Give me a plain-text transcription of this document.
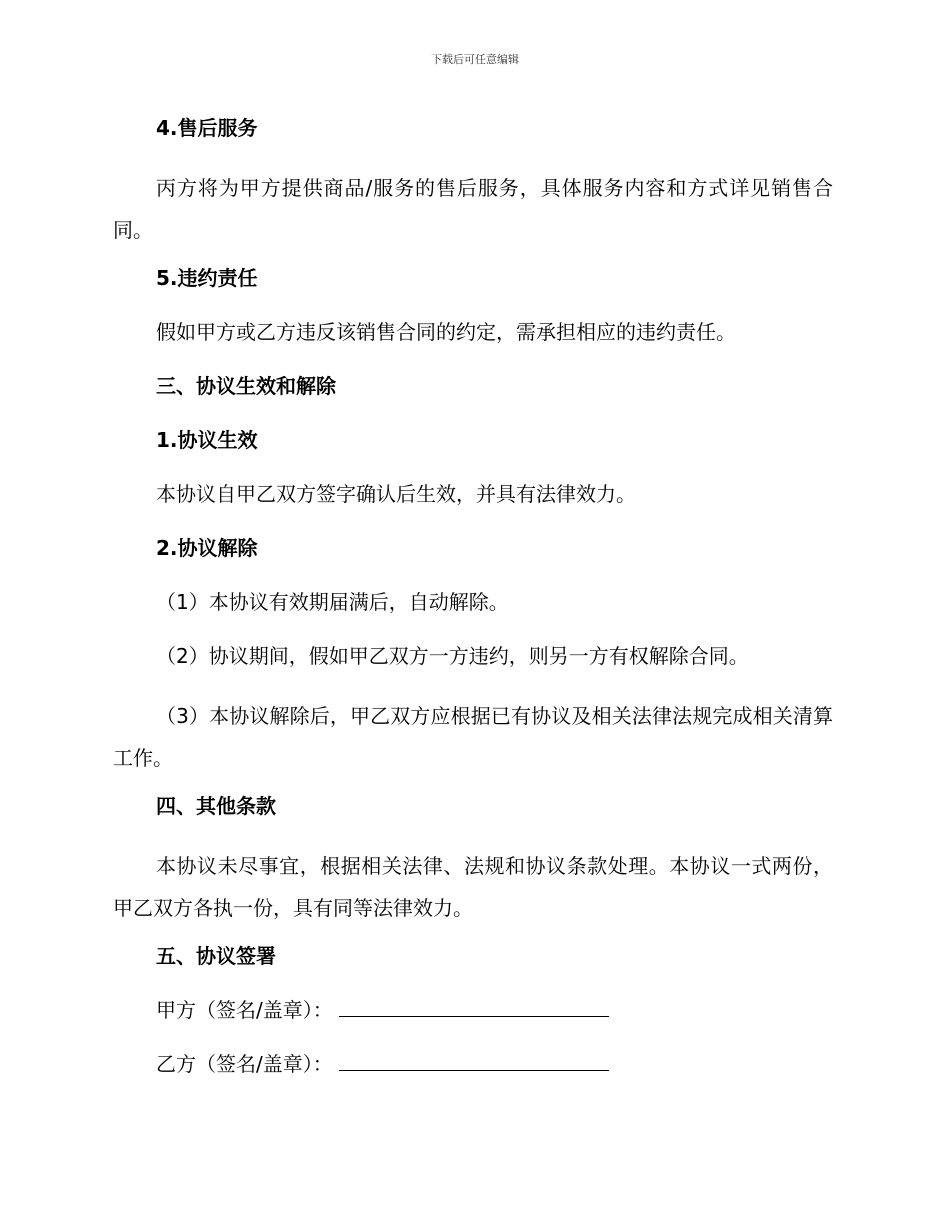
下载后可任意编辑
4.售后服务

丙方将为甲方提供商品/服务的售后服务，具体服务内容和方式详见销售合同。

5.违约责任

假如甲方或乙方违反该销售合同的约定，需承担相应的违约责任。

三、协议生效和解除
1.协议生效

本协议自甲乙双方签字确认后生效，并具有法律效力。

2.协议解除

（1）本协议有效期届满后，自动解除。

（2）协议期间，假如甲乙双方一方违约，则另一方有权解除合同。

（3）本协议解除后，甲乙双方应根据已有协议及相关法律法规完成相关清算工作。

四、其他条款

本协议未尽事宜，根据相关法律、法规和协议条款处理。本协议一式两份，甲乙双方各执一份，具有同等法律效力。

五、协议签署
甲方（签名/盖章）：
乙方（签名/盖章）：
